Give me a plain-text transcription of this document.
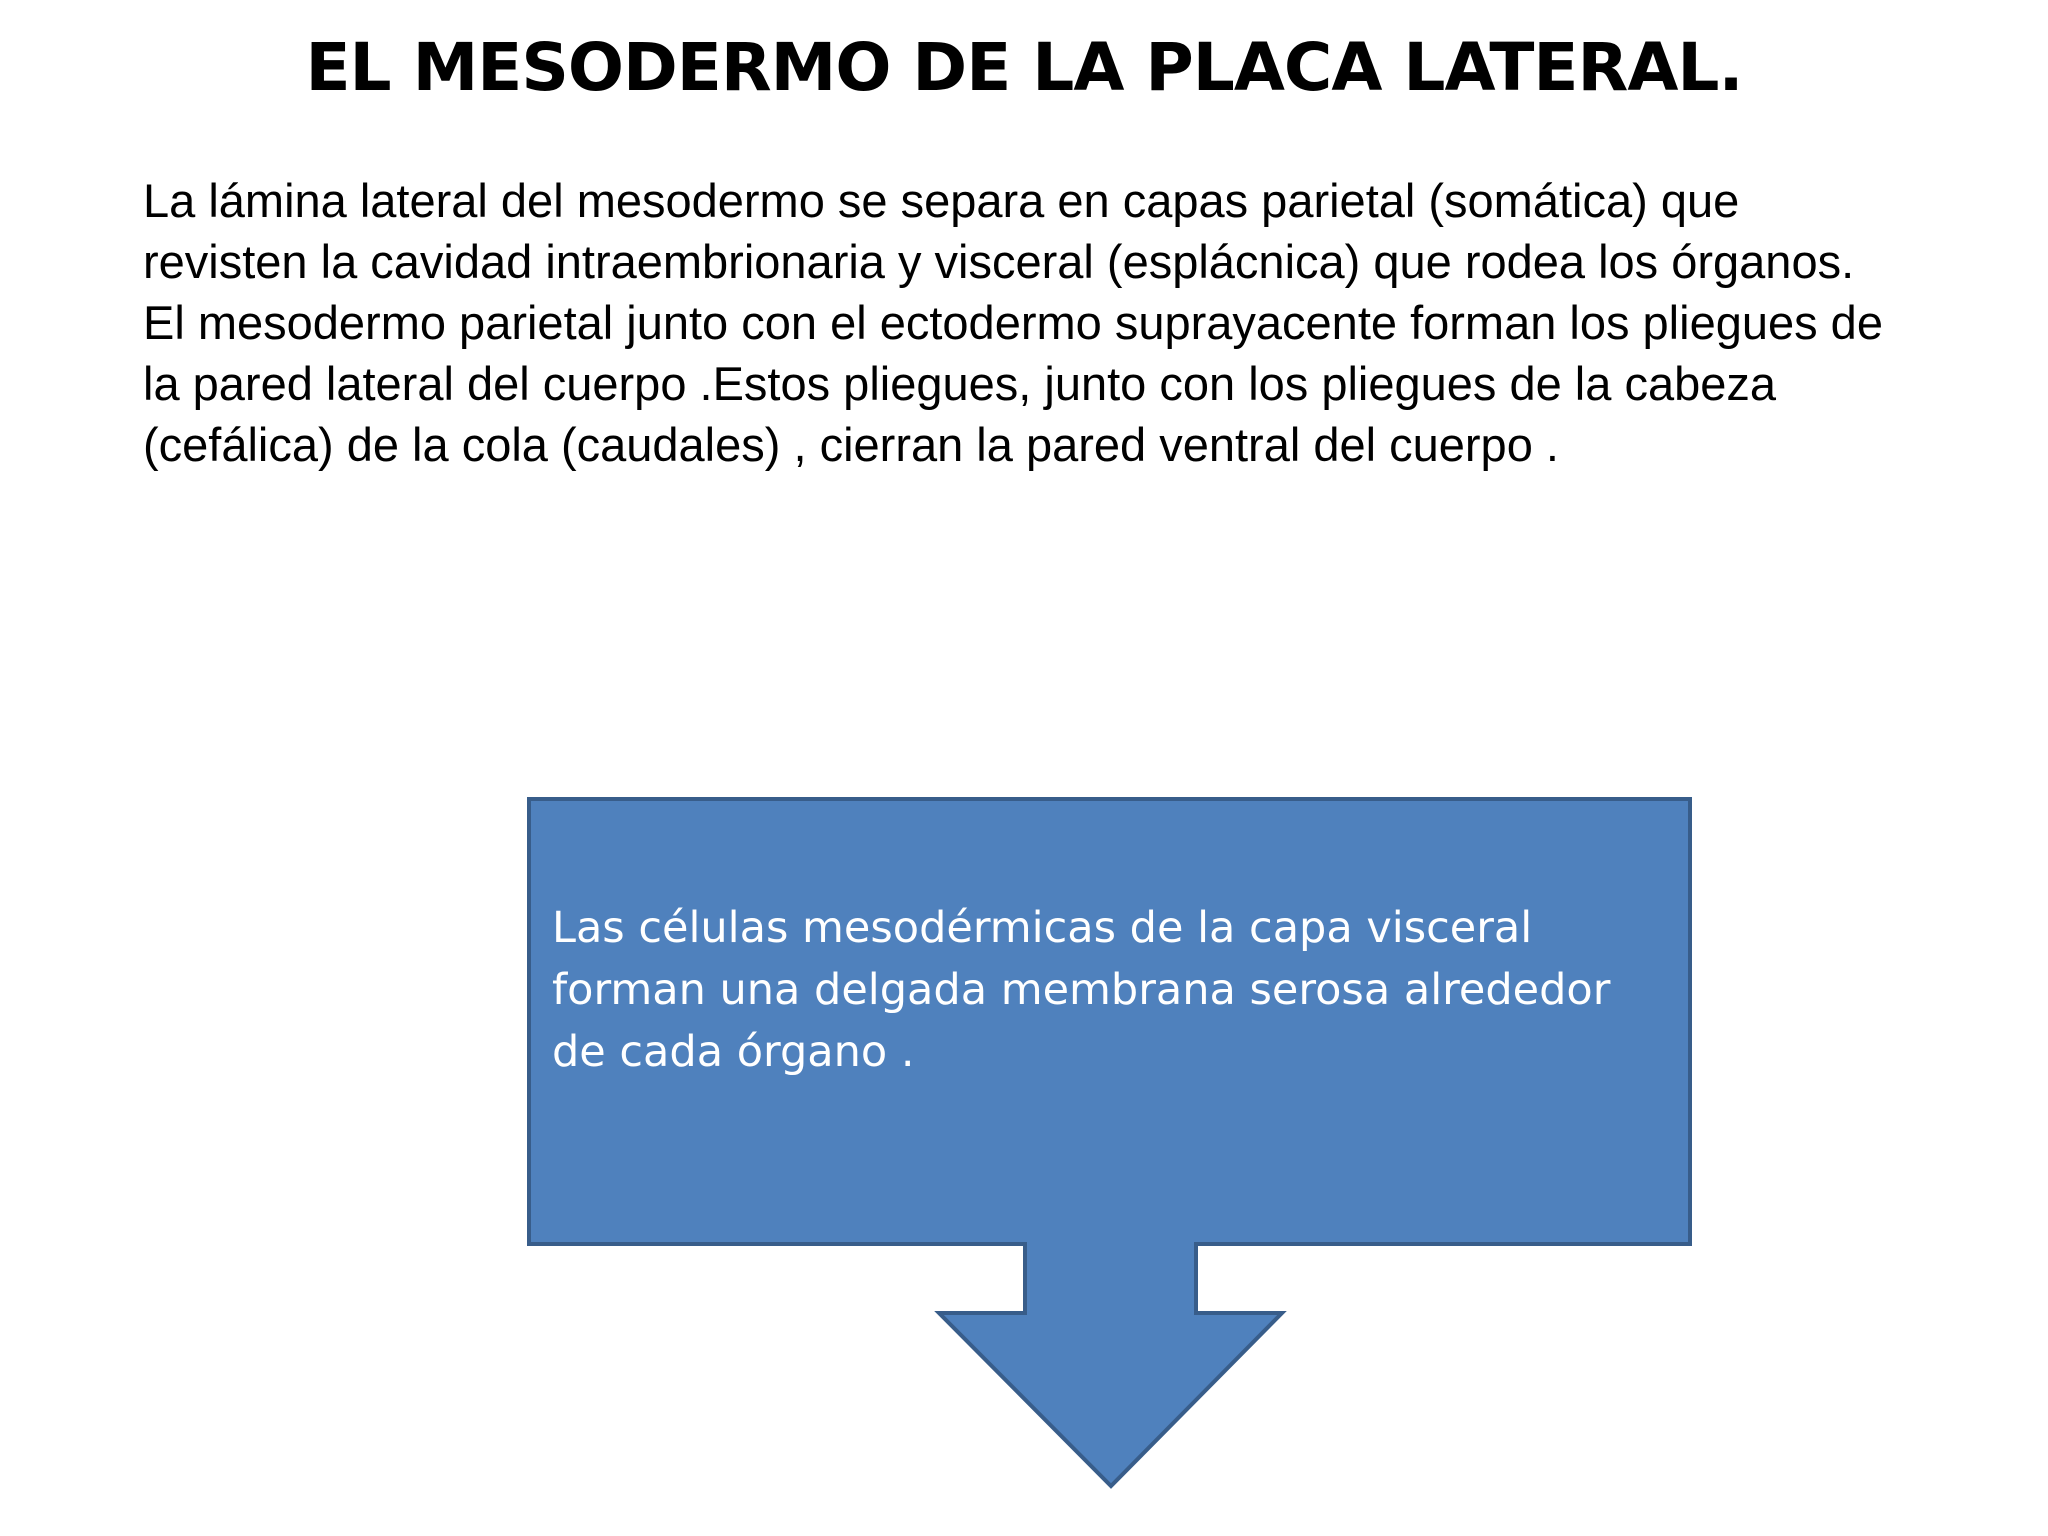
EL MESODERMO DE LA PLACA LATERAL.

La lámina lateral del mesodermo se separa en capas parietal (somática) que revisten la cavidad intraembrionaria y visceral (esplácnica) que rodea los órganos. El mesodermo parietal junto con el ectodermo suprayacente forman los pliegues de la pared lateral del cuerpo .Estos pliegues, junto con los pliegues de la cabeza (cefálica) de la cola (caudales) , cierran la pared ventral del cuerpo .

Las células mesodérmicas de la capa visceral forman una delgada membrana serosa alrededor de cada órgano .
